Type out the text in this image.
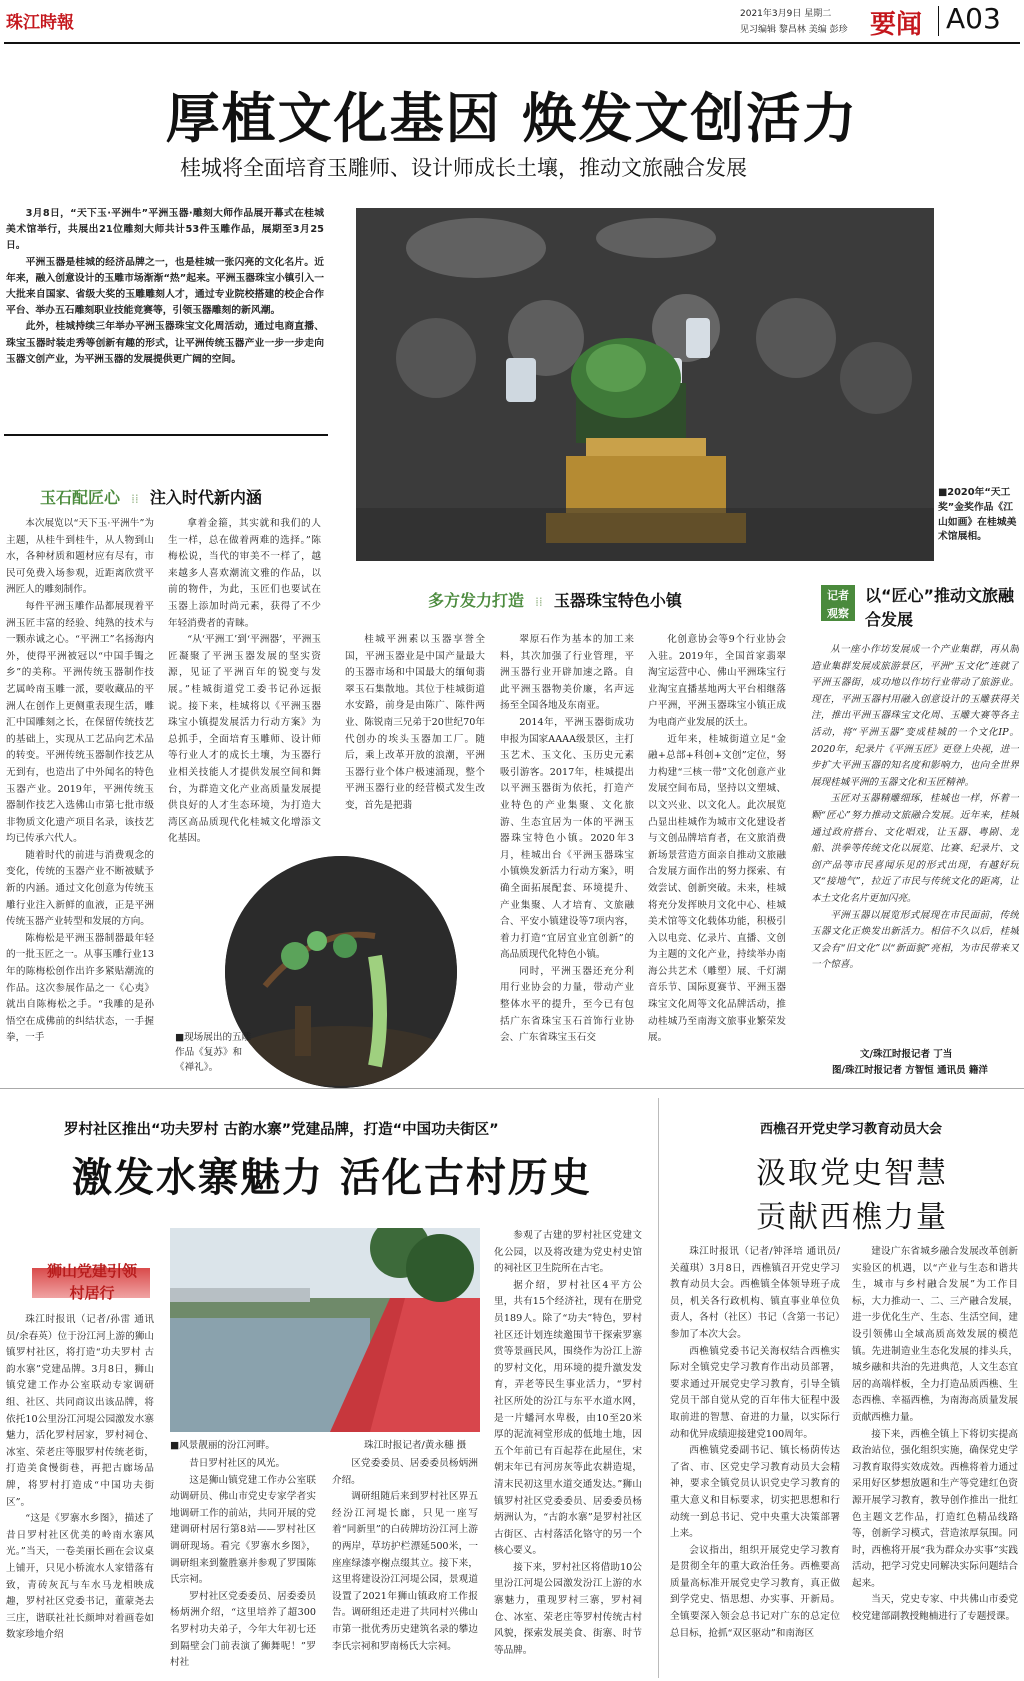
珠江時報	2021年3月9日 星期二
见习编辑 黎昌林 美编 彭珍 要闻 A03
厚植文化基因 焕发文创活力
桂城将全面培育玉雕师、设计师成长土壤，推动文旅融合发展

3月8日，“天下玉·平洲牛”平洲玉器·雕刻大师作品展开幕式在桂城美术馆举行，共展出21位雕刻大师共计53件玉雕作品，展期至3月25日。

平洲玉器是桂城的经济品牌之一，也是桂城一张闪亮的文化名片。近年来，融入创意设计的玉雕市场渐渐“热”起来。平洲玉器珠宝小镇引入一大批来自国家、省级大奖的玉雕雕刻人才，通过专业院校搭建的校企合作平台、举办五石雕刻职业技能竞赛等，引领玉器雕刻的新风潮。

此外，桂城持续三年举办平洲玉器珠宝文化周活动，通过电商直播、珠宝玉器时装走秀等创新有趣的形式，让平洲传统玉器产业一步一步走向玉器文创产业，为平洲玉器的发展提供更广阔的空间。

■2020年“天工奖”金奖作品《江山如画》在桂城美术馆展相。
玉石配匠心 ⁞⁞ 注入时代新内涵

本次展览以“天下玉·平洲牛”为主题，从桂牛到桂牛，从人物到山水，各种材质和题材应有尽有，市民可免费入场参观，近距离欣赏平洲匠人的雕刻制作。

每件平洲玉雕作品都展现着平洲玉匠丰富的经验、纯熟的技术与一颗赤诚之心。“平洲工”名扬海内外，使得平洲被冠以“中国手镯之乡”的美称。平洲传统玉器制作技艺属岭南玉雕一派，要收藏品的平洲人在创作上更侧重表现生活，雕汇中国雕刻之长，在保留传统技艺的基础上，实现从工艺品向艺术品的转变。平洲传统玉器制作技艺从无到有，也造出了中外闻名的特色玉器产业。2019年，平洲传统玉器制作技艺入选佛山市第七批市级非物质文化遗产项目名录，该技艺均已传承六代人。

随着时代的前进与消费观念的变化，传统的玉器产业不断被赋予新的内涵。通过文化创意为传统玉雕行业注入新鲜的血液，正是平洲传统玉器产业转型和发展的方向。

陈梅松是平洲玉器制器最年轻的一批玉匠之一。从事玉雕行业13年的陈梅松创作出许多紧贴潮流的作品。这次参展作品之一《心夷》就出自陈梅松之手。“我雕的是孙悟空在成佛前的纠结状态，一手握拳，一手

拿着金箍，其实就和我们的人生一样，总在做着两难的选择。”陈梅松说，当代的审美不一样了，越来越多人喜欢潮流文雅的作品，以前的物件，为此，玉匠们也要试在玉器上添加时尚元素，获得了不少年轻消费者的青睐。

“从‘平洲工’到‘平洲器’，平洲玉匠凝聚了平洲玉器发展的坚实资源，见证了平洲百年的锐变与发展。”桂城街道党工委书记孙远振说。接下来，桂城将以《平洲玉器珠宝小镇提发展活力行动方案》为总抓手，全面培育玉雕师、设计师等行业人才的成长土壤，为玉器行业相关技能人才提供发展空间和舞台，为群造文化产业高质量发展提供良好的人才生态环境，为打造大湾区高品质现代化桂城文化增添文化基因。

■现场展出的五雕作品《复苏》和《禅礼》。
多方发力打造 ⁞⁞ 玉器珠宝特色小镇

桂城平洲素以玉器享誉全国，平洲玉器业是中国产量最大的玉器市场和中国最大的缅甸翡翠玉石集散地。其位于桂城街道水安路，前身是由陈广、陈件两业、陈锐南三兄弟于20世纪70年代创办的埃头玉器加工厂。随后，乘上改革开放的浪潮，平洲玉器行业个体户极速涌现，整个平洲玉器行业的经营模式发生改变，首先是把翡

翠原石作为基本的加工来料，其次加强了行业管理，平洲玉器行业开辟加速之路。自此平洲玉器物美价廉，名声远扬至全国各地及东南亚。

2014年，平洲玉器街成功申报为国家AAAA级景区，主打玉艺术、玉文化、玉历史元素吸引游客。2017年，桂城提出以平洲玉器街为依托，打造产业特色的产业集聚、文化旅游、生态宜居为一体的平洲玉器珠宝特色小镇。2020年3月，桂城出台《平洲玉器珠宝小镇焕发新活力行动方案》，明确全面拓展配套、环境提升、产业集聚、人才培育、文旅融合、平安小镇建设等7项内容，着力打造“宜居宜业宜创新”的高品质现代化特色小镇。

同时，平洲玉器还充分利用行业协会的力量，带动产业整体水平的提升，至今已有包括广东省珠宝玉石首饰行业协会、广东省珠宝玉石交

化创意协会等9个行业协会入驻。2019年，全国首家翡翠淘宝运营中心、佛山平洲珠宝行业淘宝直播基地两大平台相继落户平洲，平洲玉器珠宝小镇正成为电商产业发展的沃土。

近年来，桂城街道立足“金融+总部+科创+文创”定位，努力构建“三核一带”文化创意产业发展空间布局，坚持以文塑城、以文兴业、以文化人。此次展览凸显出桂城作为城市文化建设者与文创品牌培育者，在文旅消费新场景营造方面亲自推动文旅融合发展方面作出的努力探索、有效尝试、创新突破。未来，桂城将充分发挥映月文化中心、桂城美术馆等文化载体功能，积极引入以电竞、亿录片、直播、文创为主题的文化产业，持续举办南海公共艺术（雕塑）展、千灯湖音乐节、国际夏赛节、平洲玉器珠宝文化周等文化品牌活动，推动桂城乃至南海文旅事业繁荣发展。

记者观察
以“匠心”推动文旅融合发展

从一座小作坊发展成一个产业集群，再从制造业集群发展成旅游景区，平洲“玉文化”连就了平洲玉器街，成功地以作坊行业带动了旅游业。现在，平洲玉器村用融入创意设计的玉雕获得关注，推出平洲玉器珠宝文化周、玉雕大赛等各主活动，将“平洲玉器”变成桂城的一个文化IP。2020年，纪录片《平洲玉匠》更登上央视，进一步扩大平洲玉器的知名度和影响力，也向全世界展现桂城平洲的玉器文化和玉匠精神。

玉匠对玉器精雕细琢，桂城也一样，怀着一颗“匠心”努力推动文旅融合发展。近年来，桂城通过政府搭台、文化唱戏，让玉器、粤剧、龙船、洪拳等传统文化以展览、比赛、纪录片、文创产品等市民喜闻乐见的形式出现，有越好玩又“接地气”，拉近了市民与传统文化的距离，让本土文化名片更加闪亮。

平洲玉器以展览形式展现在市民面前，传统玉器文化正焕发出新活力。相信不久以后，桂城又会有“旧文化”以“新面貌”亮相，为市民带来又一个惊喜。

文/珠江时报记者 丁当
图/珠江时报记者 方智恒 通讯员 籍洋
罗村社区推出“功夫罗村 古韵水寨”党建品牌，打造“中国功夫街区”
激发水寨魅力 活化古村历史
狮山党建引领 村居行

珠江时报讯（记者/孙雷 通讯员/余春英）位于汾江河上游的狮山镇罗村社区，将打造“功夫罗村 古韵水寨”党建品牌。3月8日，狮山镇党建工作办公室联动专家调研组、社区、共同商议出该品牌，将依托10公里汾江河堤公园激发水寨魅力，活化罗村居家，罗村祠仓、冰室、荣老庄等服罗村传统老街，打造美食慢街巷，再把古廊场品牌，将罗村打造成“中国功夫街区”。

“这是《罗寨水乡图》，描述了昔日罗村社区优美的岭南水寨风光。”当天，一卷美丽长画在会议桌上铺开，只见小桥流水人家错落有致，青砖灰瓦与车水马龙相映成趣，罗村社区党委书记，董蒙尧去三庄，谐联社社长颜坤对着画卷如数家珍地介绍

■风景靓丽的汾江河畔。	珠江时报记者/黄永穗 摄

昔日罗村社区的风光。

这是狮山镇党建工作办公室联动调研员、佛山市党史专家学者实地调研工作的前站，共同开展的党建调研村居行第8站——罗村社区调研现场。看完《罗寨水乡图》，调研组来到鳌胜寨并参观了罗围陈氏宗祠。

罗村社区党委委员、居委委员杨炳洲介绍，“这里培养了超300名罗村功夫弟子，今年大年初七还到隔壁会门前表演了狮舞呢！”罗村社

区党委委员、居委委员杨炳洲介绍。

调研组随后来到罗村社区界五经汾江河堤长廊，只见一座写着“同新里”的白砖牌坊汾江河上游的两岸，草坊护栏漂延500米，一座座绿漆亭榭点缀其立。接下来，这里将建设汾江河堤公园，景观道设置了2021年狮山镇政府工作报告。调研组还走进了共同村兴佛山市第一批优秀历史建筑名录的攀边李氏宗祠和罗南杨氏大宗祠。

参观了古建的罗村社区党建文化公园，以及将改建为党史村史馆的祠社区卫生院所在古宅。

据介绍，罗村社区4平方公里，共有15个经济社，现有在册党员189人。除了“功夫”特色，罗村社区还计划连续邀围节干探索罗寨赏等景画民风，围绕作为汾江上游的罗村文化，用环境的提升激发发育，弄老等民生事业活力，“罗村社区所处的汾江与东平水道水网，是一片蟠河水卑极，由10至20米厚的泥流祠堂形成的低地土地，因五个年前已有百起荐在此屋住，宋朝末年已有河房灰等此农耕造堤，清末民初这里水道交通发达。”狮山镇罗村社区党委委员、居委委员杨炳洲认为，“古韵水寨”是罗村社区古街区、古村落活化铬守的另一个核心要义。

接下来，罗村社区将借助10公里汾江河堤公园激发汾江上游的水寨魅力，重现罗村三寨，罗村祠仓、冰室、荣老庄等罗村传统古村风貌，探索发展美食、街寨、时节等品牌。

西樵召开党史学习教育动员大会
汲取党史智慧
贡献西樵力量

珠江时报讯（记者/钟泽培 通讯员/关蕴琪）3月8日，西樵镇召开党史学习教育动员大会。西樵镇全体领导班子成员，机关各行政机构、镇直事业单位负责人，各村（社区）书记（含第一书记）参加了本次大会。

西樵镇党委书记关海权结合西樵实际对全镇党史学习教育作出动员部署，要求通过开展党史学习教育，引导全镇党员干部自觉从党的百年伟大征程中汲取前进的智慧、奋进的力量，以实际行动和优异成绩迎接建党100周年。

西樵镇党委副书记、镇长杨荫传达了省、市、区党史学习教育动员大会精神，要求全镇党员认识党史学习教育的重大意义和目标要求，切实把思想和行动统一到总书记、党中央重大决策部署上来。

会议指出，组织开展党史学习教育是贯彻全年的重大政治任务。西樵要高质量高标准开展党史学习教育，真正做到学党史、悟思想、办实事、开新局。全镇要深入领会总书记对广东的总定位总目标，抢抓“双区驱动”和南海区

建设广东省城乡融合发展改革创新实验区的机遇，以“产业与生态和谐共生，城市与乡村融合发展”为工作目标，大力推动一、二、三产融合发展，进一步优化生产、生态、生活空间，建设引领佛山全域高质高效发展的模范镇。先进制造业生态化发展的排头兵，城乡融和共治的先进典范，人文生态宜居的高端样板，全力打造品质西樵、生态西樵、幸福西樵，为南海高质量发展贡献西樵力量。

接下来，西樵全镇上下将切实提高政治站位，强化组织实施，确保党史学习教育取得实效成效。西樵将着力通过采用好区梦想放题和生产等党建红色资源开展学习教育，教导创作推出一批红色主题文艺作品，打造红色精品线路等，创新学习模式，营造浓厚氛围。同时，西樵将开展“我为群众办实事”实践活动，把学习党史同解决实际问题结合起来。

当天，党史专家、中共佛山市委党校党建部副教授鲍楠进行了专题授课。
